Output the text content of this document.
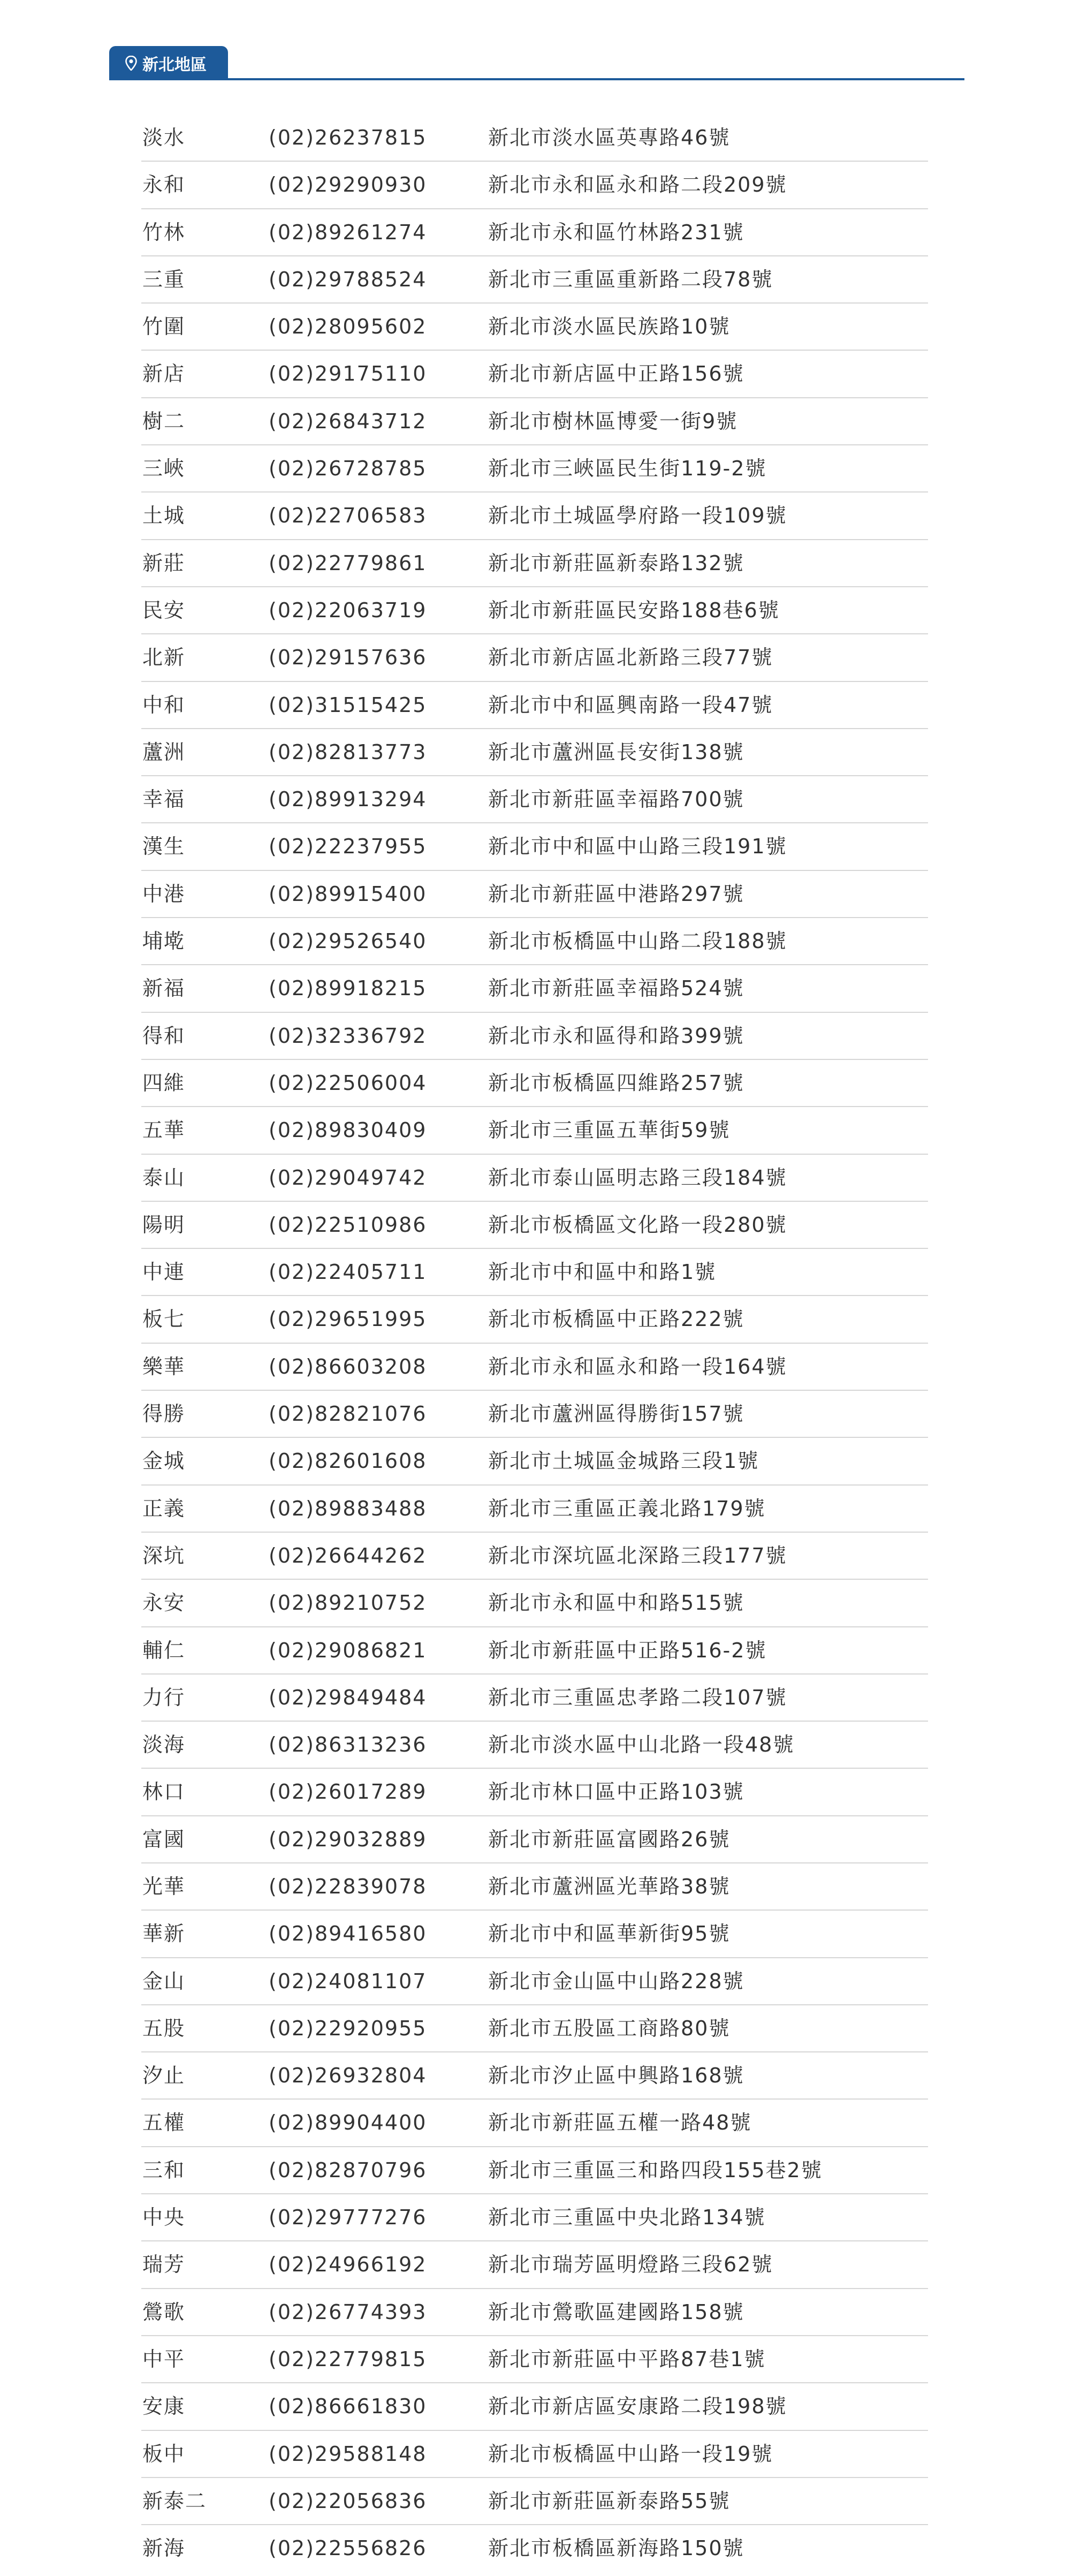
新北地區
淡水	(02)26237815	新北市淡水區英專路46號
永和	(02)29290930	新北市永和區永和路二段209號
竹林	(02)89261274	新北市永和區竹林路231號
三重	(02)29788524	新北市三重區重新路二段78號
竹圍	(02)28095602	新北市淡水區民族路10號
新店	(02)29175110	新北市新店區中正路156號
樹二	(02)26843712	新北市樹林區博愛一街9號
三峽	(02)26728785	新北市三峽區民生街119-2號
土城	(02)22706583	新北市土城區學府路一段109號
新莊	(02)22779861	新北市新莊區新泰路132號
民安	(02)22063719	新北市新莊區民安路188巷6號
北新	(02)29157636	新北市新店區北新路三段77號
中和	(02)31515425	新北市中和區興南路一段47號
蘆洲	(02)82813773	新北市蘆洲區長安街138號
幸福	(02)89913294	新北市新莊區幸福路700號
漢生	(02)22237955	新北市中和區中山路三段191號
中港	(02)89915400	新北市新莊區中港路297號
埔墘	(02)29526540	新北市板橋區中山路二段188號
新福	(02)89918215	新北市新莊區幸福路524號
得和	(02)32336792	新北市永和區得和路399號
四維	(02)22506004	新北市板橋區四維路257號
五華	(02)89830409	新北市三重區五華街59號
泰山	(02)29049742	新北市泰山區明志路三段184號
陽明	(02)22510986	新北市板橋區文化路一段280號
中連	(02)22405711	新北市中和區中和路1號
板七	(02)29651995	新北市板橋區中正路222號
樂華	(02)86603208	新北市永和區永和路一段164號
得勝	(02)82821076	新北市蘆洲區得勝街157號
金城	(02)82601608	新北市土城區金城路三段1號
正義	(02)89883488	新北市三重區正義北路179號
深坑	(02)26644262	新北市深坑區北深路三段177號
永安	(02)89210752	新北市永和區中和路515號
輔仁	(02)29086821	新北市新莊區中正路516-2號
力行	(02)29849484	新北市三重區忠孝路二段107號
淡海	(02)86313236	新北市淡水區中山北路一段48號
林口	(02)26017289	新北市林口區中正路103號
富國	(02)29032889	新北市新莊區富國路26號
光華	(02)22839078	新北市蘆洲區光華路38號
華新	(02)89416580	新北市中和區華新街95號
金山	(02)24081107	新北市金山區中山路228號
五股	(02)22920955	新北市五股區工商路80號
汐止	(02)26932804	新北市汐止區中興路168號
五權	(02)89904400	新北市新莊區五權一路48號
三和	(02)82870796	新北市三重區三和路四段155巷2號
中央	(02)29777276	新北市三重區中央北路134號
瑞芳	(02)24966192	新北市瑞芳區明燈路三段62號
鶯歌	(02)26774393	新北市鶯歌區建國路158號
中平	(02)22779815	新北市新莊區中平路87巷1號
安康	(02)86661830	新北市新店區安康路二段198號
板中	(02)29588148	新北市板橋區中山路一段19號
新泰二	(02)22056836	新北市新莊區新泰路55號
新海	(02)22556826	新北市板橋區新海路150號
